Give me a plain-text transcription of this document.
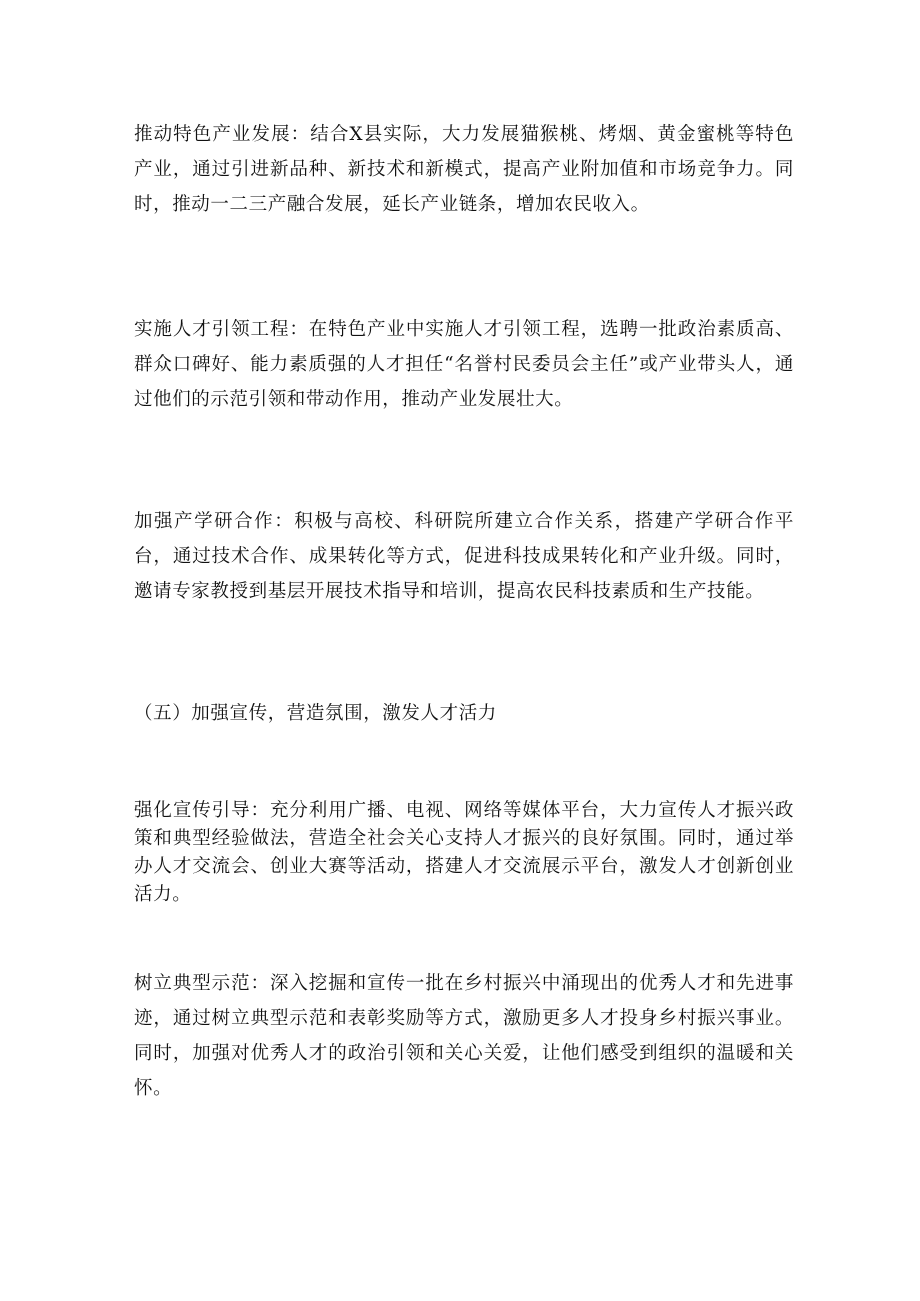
推动特色产业发展：结合X县实际，大力发展猫猴桃、烤烟、黄金蜜桃等特色产业，通过引进新品种、新技术和新模式，提高产业附加值和市场竞争力。同时，推动一二三产融合发展，延长产业链条，增加农民收入。

实施人才引领工程：在特色产业中实施人才引领工程，选聘一批政治素质高、群众口碑好、能力素质强的人才担任“名誉村民委员会主任”或产业带头人，通过他们的示范引领和带动作用，推动产业发展壮大。

加强产学研合作：积极与高校、科研院所建立合作关系，搭建产学研合作平台，通过技术合作、成果转化等方式，促进科技成果转化和产业升级。同时，邀请专家教授到基层开展技术指导和培训，提高农民科技素质和生产技能。

（五）加强宣传，营造氛围，激发人才活力

强化宣传引导：充分利用广播、电视、网络等媒体平台，大力宣传人才振兴政策和典型经验做法，营造全社会关心支持人才振兴的良好氛围。同时，通过举办人才交流会、创业大赛等活动，搭建人才交流展示平台，激发人才创新创业活力。

树立典型示范：深入挖掘和宣传一批在乡村振兴中涌现出的优秀人才和先进事迹，通过树立典型示范和表彰奖励等方式，激励更多人才投身乡村振兴事业。同时，加强对优秀人才的政治引领和关心关爱，让他们感受到组织的温暖和关怀。
